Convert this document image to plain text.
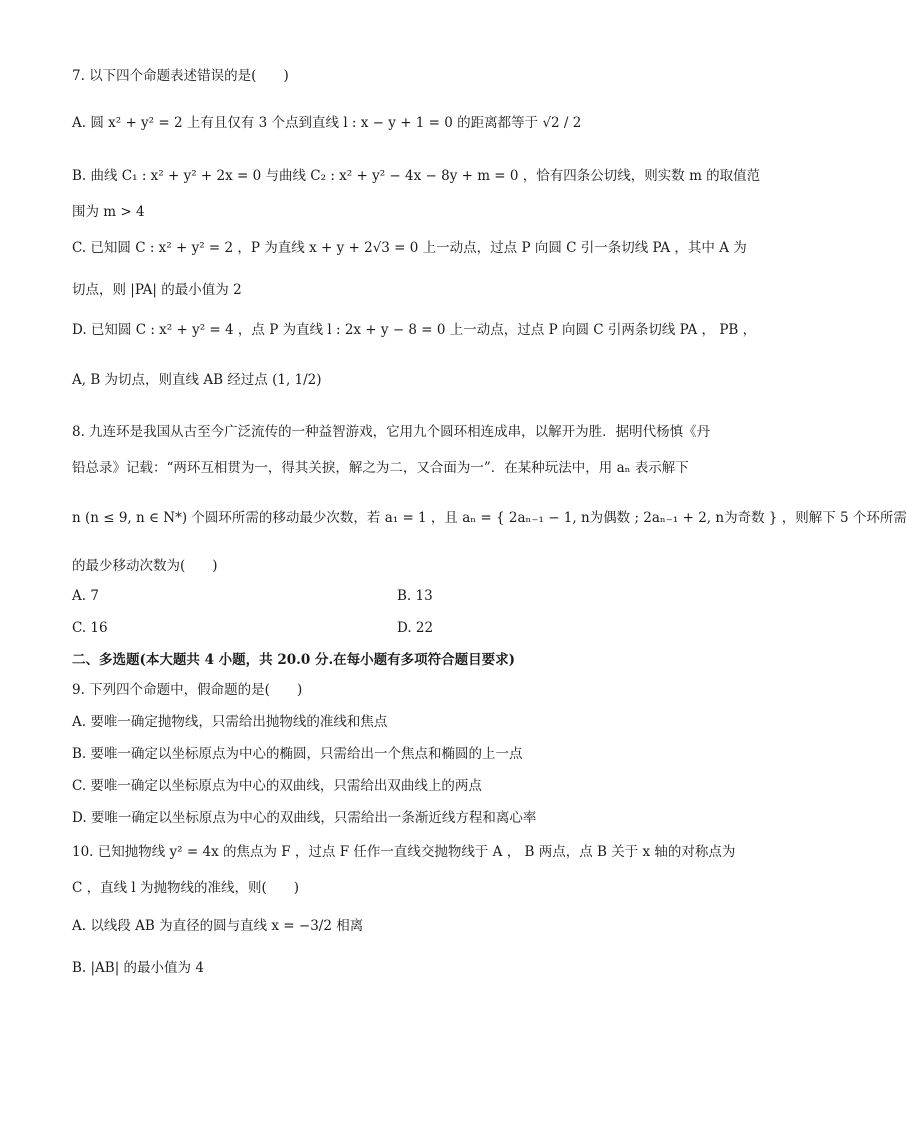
7. 以下四个命题表述错误的是(　　)
A. 圆 x² + y² = 2 上有且仅有 3 个点到直线 l : x − y + 1 = 0 的距离都等于 √2 / 2
B. 曲线 C₁ : x² + y² + 2x = 0 与曲线 C₂ : x² + y² − 4x − 8y + m = 0 ，恰有四条公切线，则实数 m 的取值范
围为 m > 4
C. 已知圆 C : x² + y² = 2 ，P 为直线 x + y + 2√3 = 0 上一动点，过点 P 向圆 C 引一条切线 PA ，其中 A 为
切点，则 |PA| 的最小值为 2
D. 已知圆 C : x² + y² = 4 ，点 P 为直线 l : 2x + y − 8 = 0 上一动点，过点 P 向圆 C 引两条切线 PA ， PB ，
A, B 为切点，则直线 AB 经过点 (1, 1/2)
8. 九连环是我国从古至今广泛流传的一种益智游戏，它用九个圆环相连成串，以解开为胜．据明代杨慎《丹
铅总录》记载：“两环互相贯为一，得其关捩，解之为二，又合面为一”．在某种玩法中，用 aₙ 表示解下
n (n ≤ 9, n ∈ N*) 个圆环所需的移动最少次数，若 a₁ = 1 ，且 aₙ = { 2aₙ₋₁ − 1, n为偶数 ; 2aₙ₋₁ + 2, n为奇数 } ，则解下 5 个环所需
的最少移动次数为(　　)
A. 7	B. 13
C. 16	D. 22
二、多选题(本大题共 4 小题，共 20.0 分.在每小题有多项符合题目要求)
9. 下列四个命题中，假命题的是(　　)
A. 要唯一确定抛物线，只需给出抛物线的准线和焦点
B. 要唯一确定以坐标原点为中心的椭圆，只需给出一个焦点和椭圆的上一点
C. 要唯一确定以坐标原点为中心的双曲线，只需给出双曲线上的两点
D. 要唯一确定以坐标原点为中心的双曲线，只需给出一条渐近线方程和离心率
10. 已知抛物线 y² = 4x 的焦点为 F ，过点 F 任作一直线交抛物线于 A ， B 两点，点 B 关于 x 轴的对称点为
C ，直线 l 为抛物线的准线，则(　　)
A. 以线段 AB 为直径的圆与直线 x = −3/2 相离
B. |AB| 的最小值为 4
